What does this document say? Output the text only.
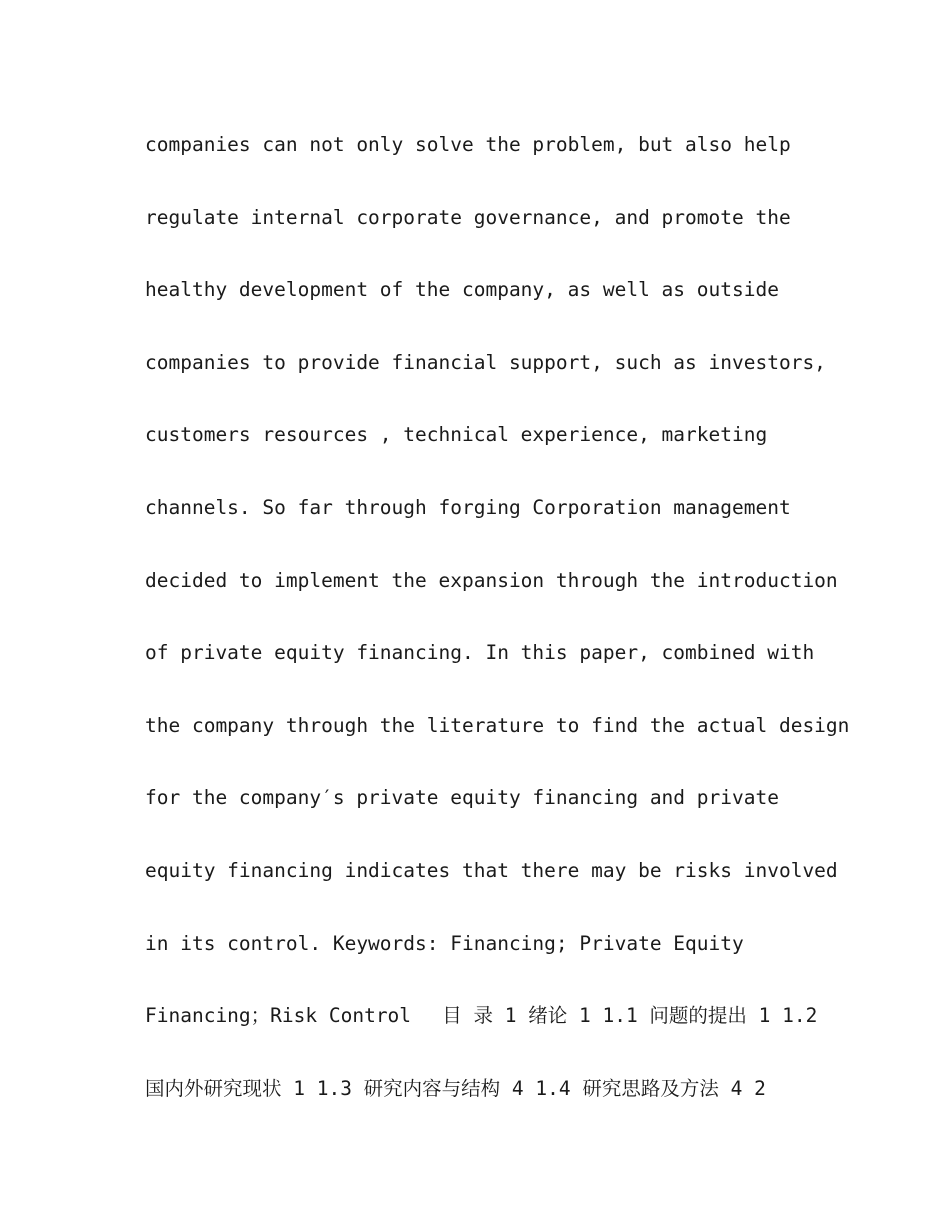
companies can not only solve the problem, but also help
regulate internal corporate governance, and promote the
healthy development of the company, as well as outside
companies to provide financial support, such as investors,
customers resources , technical experience, marketing
channels. So far through forging Corporation management
decided to implement the expansion through the introduction
of private equity financing. In this paper, combined with
the company through the literature to find the actual design
for the company′s private equity financing and private
equity financing indicates that there may be risks involved
in its control. Keywords: Financing; Private Equity
Financing；Risk Control　 目 录 1 绪论 1 1.1 问题的提出 1 1.2
国内外研究现状 1 1.3 研究内容与结构 4 1.4 研究思路及方法 4 2
